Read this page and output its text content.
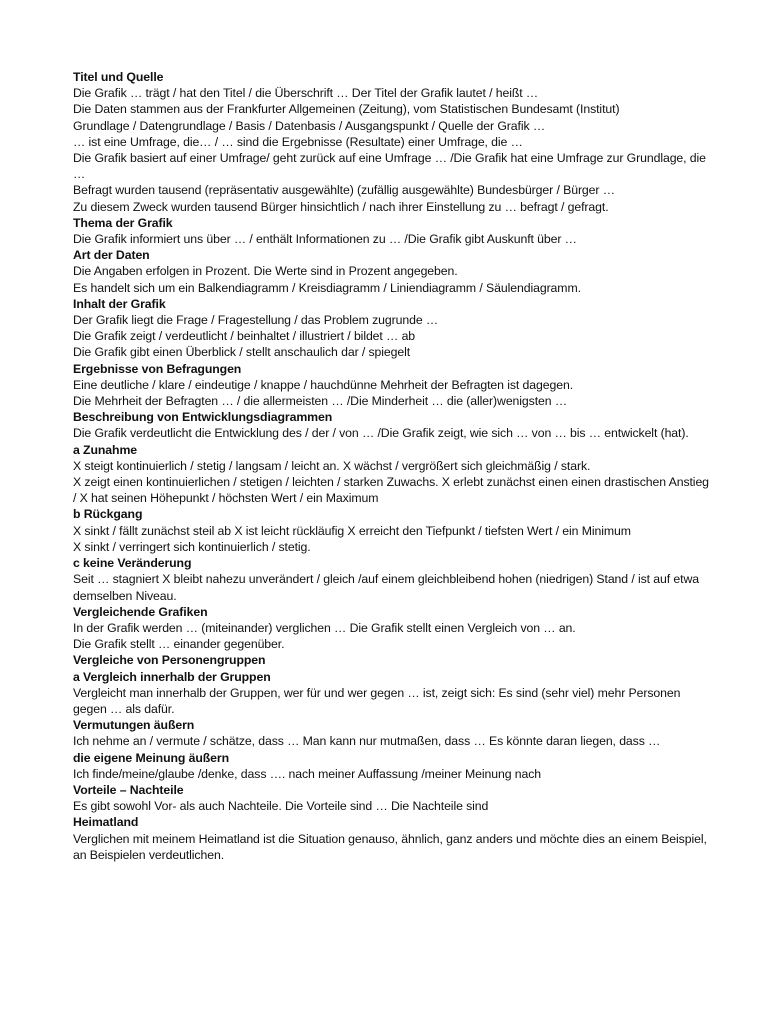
Titel und Quelle
Die Grafik … trägt / hat den Titel / die Überschrift … Der Titel der Grafik lautet / heißt …
Die Daten stammen aus der Frankfurter Allgemeinen (Zeitung), vom Statistischen Bundesamt (Institut)
Grundlage / Datengrundlage / Basis / Datenbasis / Ausgangspunkt / Quelle der Grafik …
… ist eine Umfrage, die… / … sind die Ergebnisse (Resultate) einer Umfrage, die …
Die Grafik basiert auf einer Umfrage/ geht zurück auf eine Umfrage … /Die Grafik hat eine Umfrage zur Grundlage, die …
Befragt wurden tausend (repräsentativ ausgewählte) (zufällig ausgewählte) Bundesbürger / Bürger …
Zu diesem Zweck wurden tausend Bürger hinsichtlich / nach ihrer Einstellung zu … befragt / gefragt.
Thema der Grafik
Die Grafik informiert uns über … / enthält Informationen zu … /Die Grafik gibt Auskunft über …
Art der Daten
Die Angaben erfolgen in Prozent. Die Werte sind in Prozent angegeben.
Es handelt sich um ein Balkendiagramm / Kreisdiagramm / Liniendiagramm / Säulendiagramm.
Inhalt der Grafik
Der Grafik liegt die Frage / Fragestellung / das Problem zugrunde …
Die Grafik zeigt / verdeutlicht / beinhaltet / illustriert / bildet … ab
Die Grafik gibt einen Überblick / stellt anschaulich dar / spiegelt
Ergebnisse von Befragungen
Eine deutliche / klare / eindeutige / knappe / hauchdünne Mehrheit der Befragten ist dagegen.
Die Mehrheit der Befragten … / die allermeisten … /Die Minderheit … die (aller)wenigsten …
Beschreibung von Entwicklungsdiagrammen
Die Grafik verdeutlicht die Entwicklung des / der / von … /Die Grafik zeigt, wie sich … von … bis … entwickelt (hat).
a Zunahme
X steigt kontinuierlich / stetig / langsam / leicht an. X wächst / vergrößert sich gleichmäßig / stark.
X zeigt einen kontinuierlichen / stetigen / leichten / starken Zuwachs. X erlebt zunächst einen einen drastischen Anstieg / X hat seinen Höhepunkt / höchsten Wert / ein Maximum
b Rückgang
X sinkt / fällt zunächst steil ab X ist leicht rückläufig X erreicht den Tiefpunkt / tiefsten Wert / ein Minimum
X sinkt / verringert sich kontinuierlich / stetig.
c keine Veränderung
Seit … stagniert X bleibt nahezu unverändert / gleich /auf einem gleichbleibend hohen (niedrigen) Stand / ist auf etwa demselben Niveau.
Vergleichende Grafiken
In der Grafik werden … (miteinander) verglichen … Die Grafik stellt einen Vergleich von … an.
Die Grafik stellt … einander gegenüber.
Vergleiche von Personengruppen
a Vergleich innerhalb der Gruppen
Vergleicht man innerhalb der Gruppen, wer für und wer gegen … ist, zeigt sich: Es sind (sehr viel) mehr Personen gegen … als dafür.
Vermutungen äußern
Ich nehme an / vermute / schätze, dass … Man kann nur mutmaßen, dass … Es könnte daran liegen, dass …
die eigene Meinung äußern
Ich finde/meine/glaube /denke, dass …. nach meiner Auffassung /meiner Meinung nach
Vorteile – Nachteile
Es gibt sowohl Vor- als auch Nachteile. Die Vorteile sind … Die Nachteile sind
Heimatland
Verglichen mit meinem Heimatland ist die Situation genauso, ähnlich, ganz anders und möchte dies an einem Beispiel, an Beispielen verdeutlichen.
